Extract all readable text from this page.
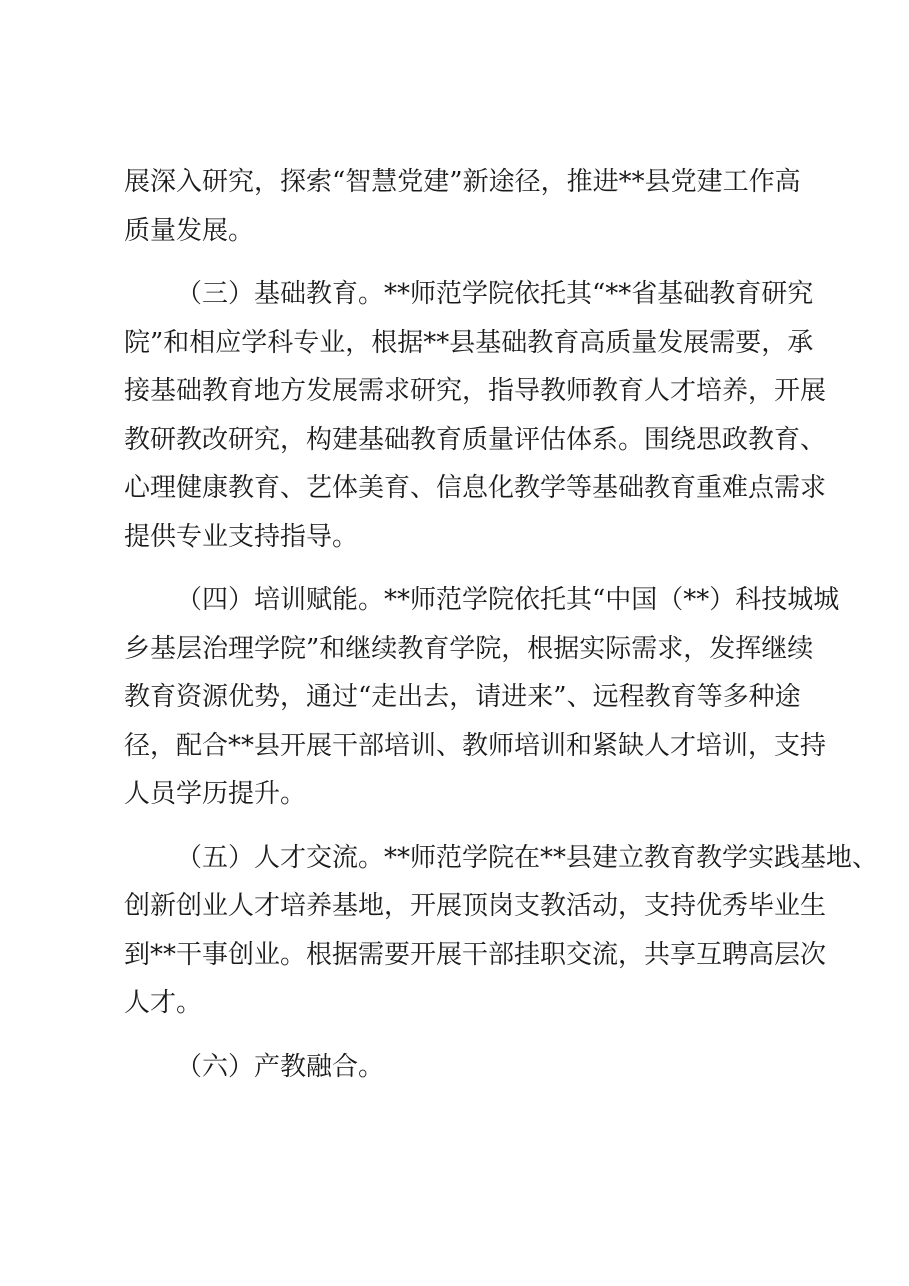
展深入研究，探索“智慧党建”新途径，推进**县党建工作高
质量发展。

（三）基础教育。**师范学院依托其“**省基础教育研究
院”和相应学科专业，根据**县基础教育高质量发展需要，承
接基础教育地方发展需求研究，指导教师教育人才培养，开展
教研教改研究，构建基础教育质量评估体系。围绕思政教育、
心理健康教育、艺体美育、信息化教学等基础教育重难点需求
提供专业支持指导。

（四）培训赋能。**师范学院依托其“中国（**）科技城城
乡基层治理学院”和继续教育学院，根据实际需求，发挥继续
教育资源优势，通过“走出去，请进来”、远程教育等多种途
径，配合**县开展干部培训、教师培训和紧缺人才培训，支持
人员学历提升。

（五）人才交流。**师范学院在**县建立教育教学实践基地、
创新创业人才培养基地，开展顶岗支教活动，支持优秀毕业生
到**干事创业。根据需要开展干部挂职交流，共享互聘高层次
人才。

（六）产教融合。
